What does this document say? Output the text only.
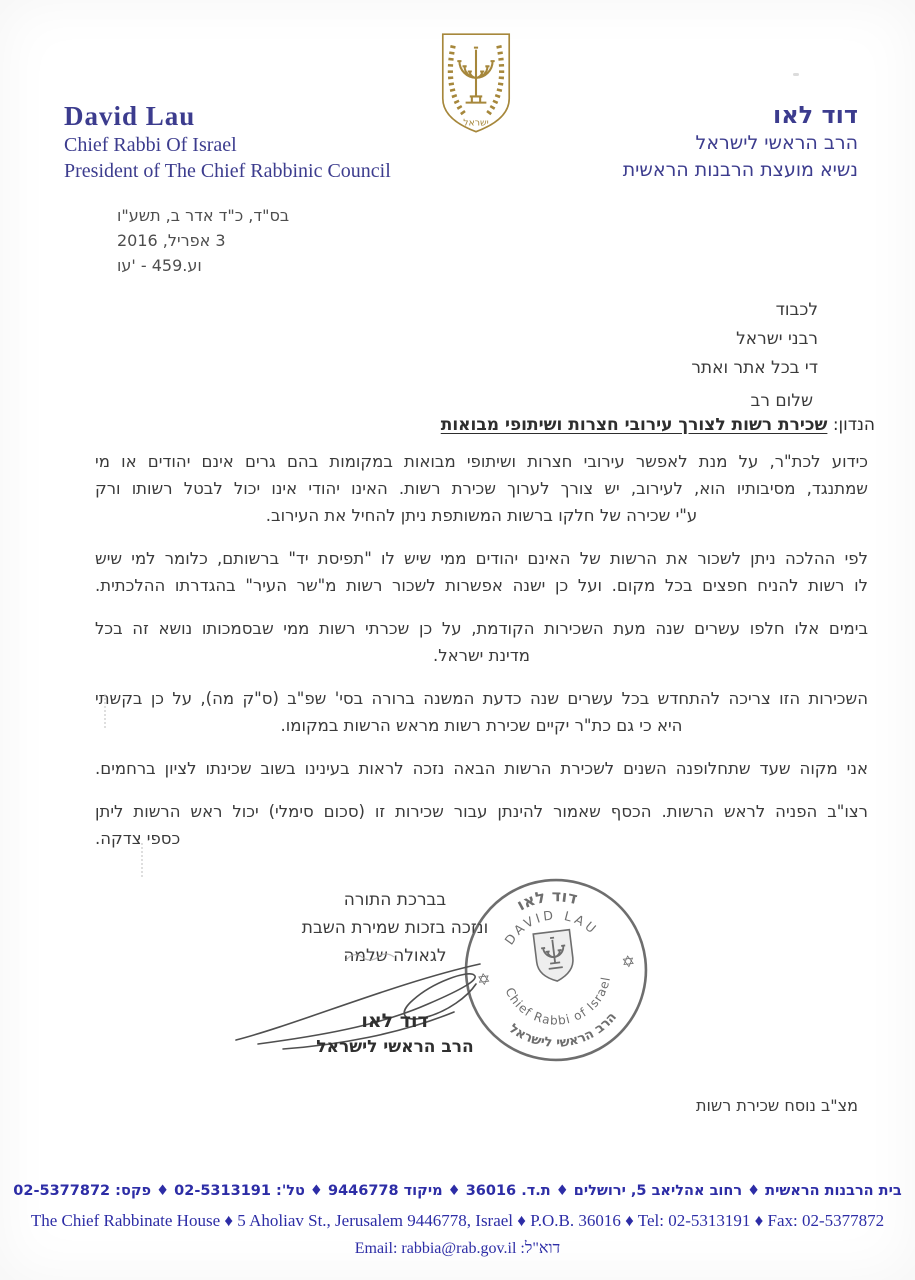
ישראל
David Lau
Chief Rabbi Of Israel
President of The Chief Rabbinic Council
דוד לאו
הרב הראשי לישראל
נשיא מועצת הרבנות הראשית
בס"ד, כ"ד אדר ב, תשע"ו
3 אפריל, 2016
וע' - 459.עו
לכבוד
רבני ישראל
די בכל אתר ואתר
שלום רב
הנדון: שכירת רשות לצורך עירובי חצרות ושיתופי מבואות
כידוע לכת"ר, על מנת לאפשר עירובי חצרות ושיתופי מבואות במקומות בהם גרים אינם יהודים או מי
שמתנגד, מסיבותיו הוא, לעירוב, יש צורך לערוך שכירת רשות. האינו יהודי אינו יכול לבטל רשותו ורק
ע"י שכירה של חלקו ברשות המשותפת ניתן להחיל את העירוב.
לפי ההלכה ניתן לשכור את הרשות של האינם יהודים ממי שיש לו "תפיסת יד" ברשותם, כלומר למי שיש
לו רשות להניח חפצים בכל מקום. ועל כן ישנה אפשרות לשכור רשות מ"שר העיר" בהגדרתו ההלכתית.
בימים אלו חלפו עשרים שנה מעת השכירות הקודמת, על כן שכרתי רשות ממי שבסמכותו נושא זה בכל
מדינת ישראל.
השכירות הזו צריכה להתחדש בכל עשרים שנה כדעת המשנה ברורה בסי' שפ"ב (ס"ק מה), על כן בקשתי
היא כי גם כת"ר יקיים שכירת רשות מראש הרשות במקומו.
אני מקוה שעד שתחלופנה השנים לשכירת הרשות הבאה נזכה לראות בעינינו בשוב שכינתו לציון ברחמים.
רצו"ב הפניה לראש הרשות. הכסף שאמור להינתן עבור שכירות זו (סכום סימלי) יכול ראש הרשות ליתן
כספי צדקה.
בברכת התורה
ונזכה בזכות שמירת השבת
לגאולה שלמה
דוד לאו
הרב הראשי לישראל
דוד לאו
DAVID LAU
Chief Rabbi of Israel
הרב הראשי לישראל
✡
✡
מצ"ב נוסח שכירת רשות
בית הרבנות הראשית ♦ רחוב אהליאב 5, ירושלים ♦ ת.ד. 36016 ♦ מיקוד 9446778 ♦ טל': 02-5313191 ♦ פקס: 02-5377872
The Chief Rabbinate House ♦ 5 Aholiav St., Jerusalem 9446778, Israel ♦ P.O.B. 36016 ♦ Tel: 02-5313191 ♦ Fax: 02-5377872
דוא"ל: Email: rabbia@rab.gov.il
